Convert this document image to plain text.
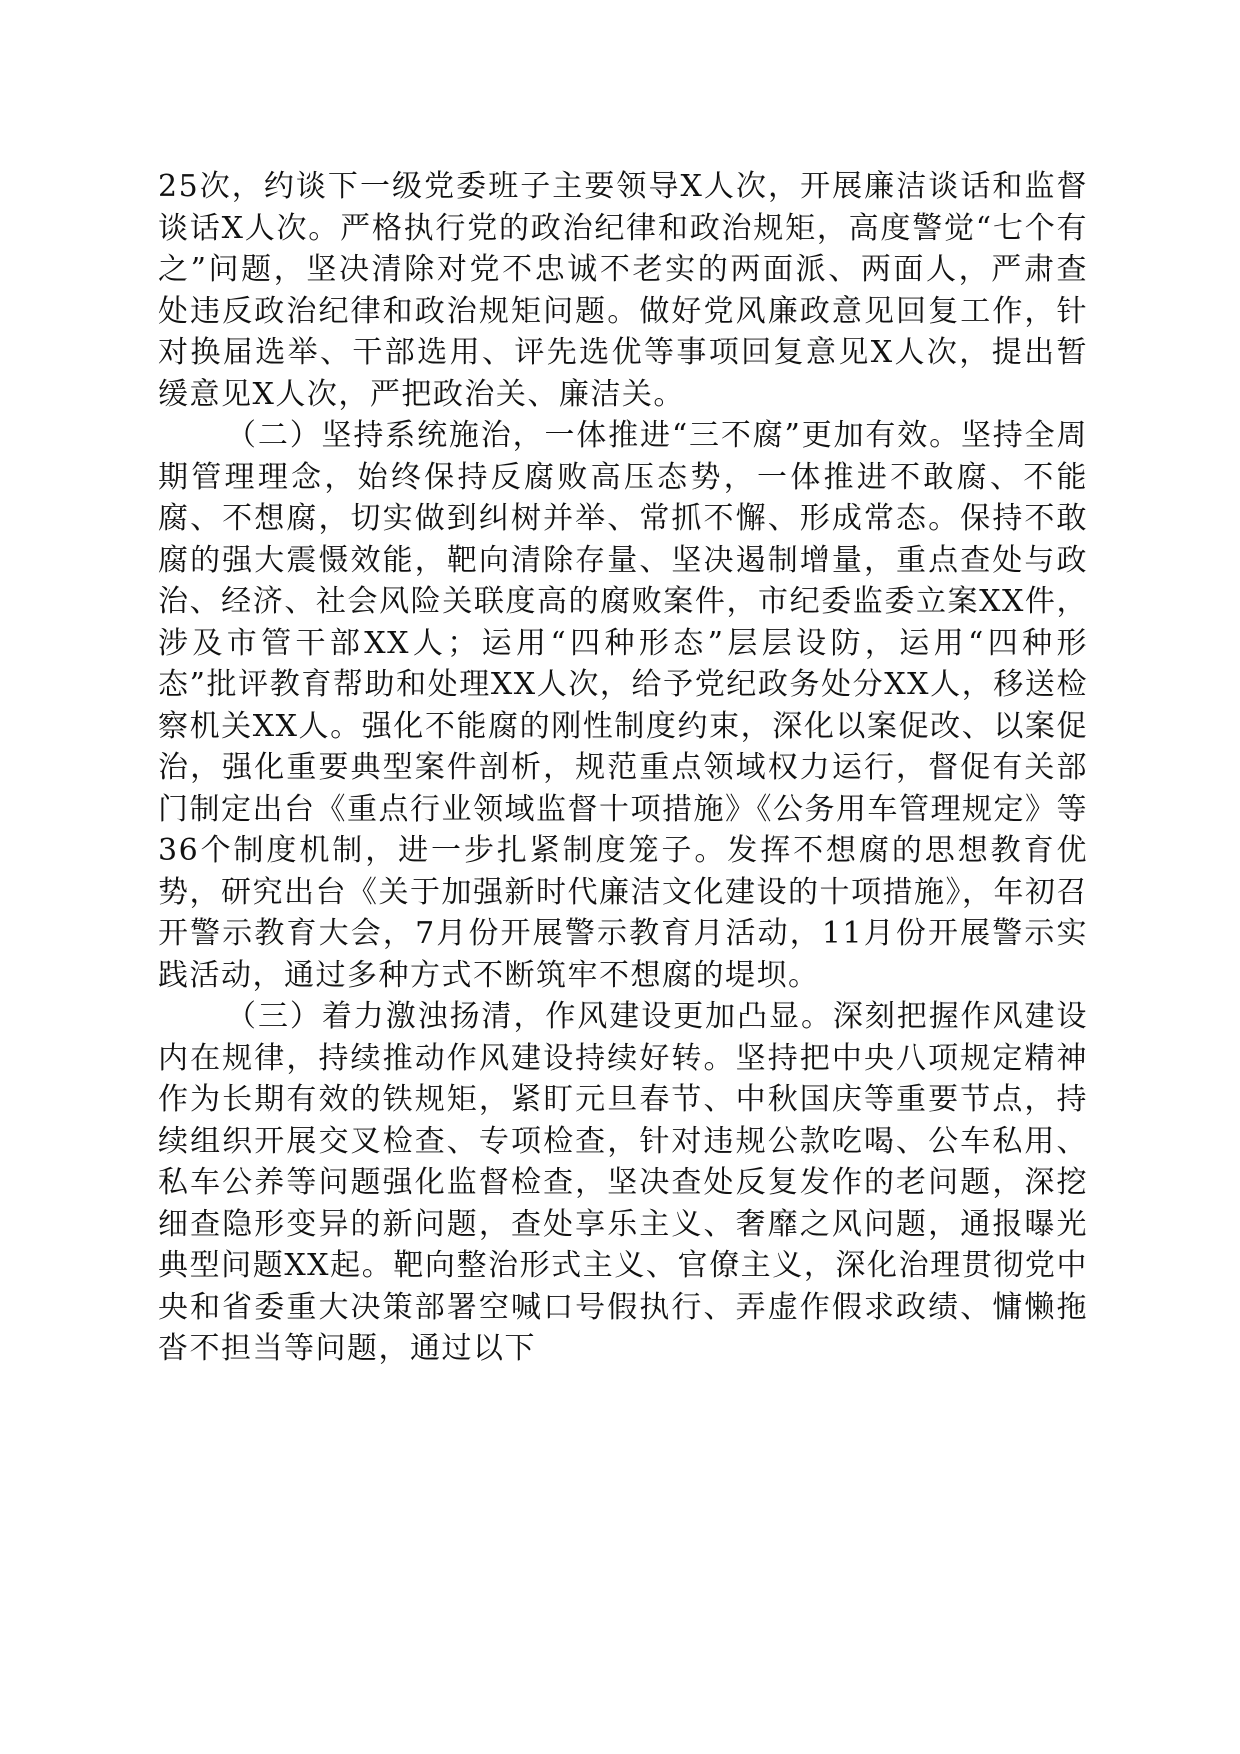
25次，约谈下一级党委班子主要领导X人次，开展廉洁谈话和监督谈话X人次。严格执行党的政治纪律和政治规矩，高度警觉“七个有之”问题，坚决清除对党不忠诚不老实的两面派、两面人，严肃查处违反政治纪律和政治规矩问题。做好党风廉政意见回复工作，针对换届选举、干部选用、评先选优等事项回复意见X人次，提出暂缓意见X人次，严把政治关、廉洁关。

（二）坚持系统施治，一体推进“三不腐”更加有效。坚持全周期管理理念，始终保持反腐败高压态势，一体推进不敢腐、不能腐、不想腐，切实做到纠树并举、常抓不懈、形成常态。保持不敢腐的强大震慑效能，靶向清除存量、坚决遏制增量，重点查处与政治、经济、社会风险关联度高的腐败案件，市纪委监委立案XX件，涉及市管干部XX人；运用“四种形态”层层设防，运用“四种形态”批评教育帮助和处理XX人次，给予党纪政务处分XX人，移送检察机关XX人。强化不能腐的刚性制度约束，深化以案促改、以案促治，强化重要典型案件剖析，规范重点领域权力运行，督促有关部门制定出台《重点行业领域监督十项措施》《公务用车管理规定》等36个制度机制，进一步扎紧制度笼子。发挥不想腐的思想教育优势，研究出台《关于加强新时代廉洁文化建设的十项措施》，年初召开警示教育大会，7月份开展警示教育月活动，11月份开展警示实践活动，通过多种方式不断筑牢不想腐的堤坝。

（三）着力激浊扬清，作风建设更加凸显。深刻把握作风建设内在规律，持续推动作风建设持续好转。坚持把中央八项规定精神作为长期有效的铁规矩，紧盯元旦春节、中秋国庆等重要节点，持续组织开展交叉检查、专项检查，针对违规公款吃喝、公车私用、私车公养等问题强化监督检查，坚决查处反复发作的老问题，深挖细查隐形变异的新问题，查处享乐主义、奢靡之风问题，通报曝光典型问题XX起。靶向整治形式主义、官僚主义，深化治理贯彻党中央和省委重大决策部署空喊口号假执行、弄虚作假求政绩、慵懒拖沓不担当等问题，通过以下
